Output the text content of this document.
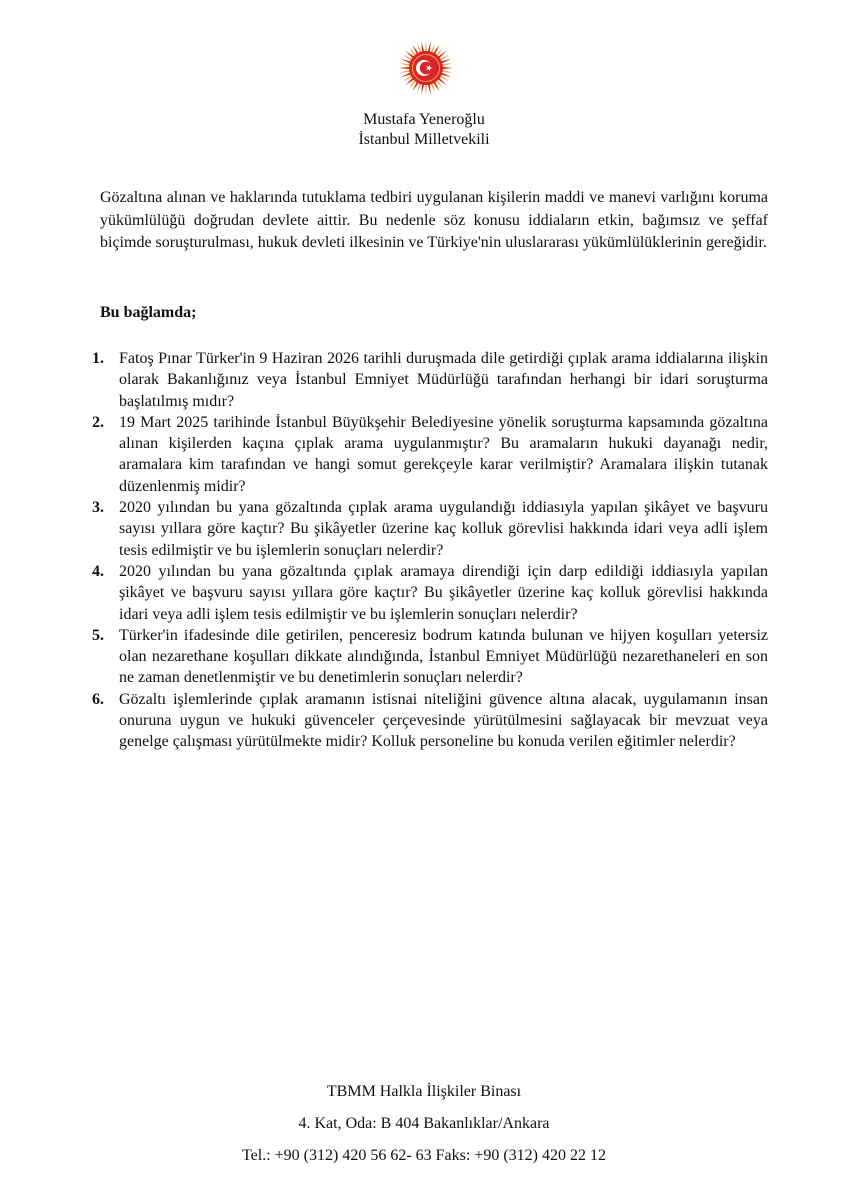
Mustafa Yeneroğlu
İstanbul Milletvekili

Gözaltına alınan ve haklarında tutuklama tedbiri uygulanan kişilerin maddi ve manevi varlığını koruma yükümlülüğü doğrudan devlete aittir. Bu nedenle söz konusu iddiaların etkin, bağımsız ve şeffaf biçimde soruşturulması, hukuk devleti ilkesinin ve Türkiye'nin uluslararası yükümlülüklerinin gereğidir.

Bu bağlamda;
1. Fatoş Pınar Türker'in 9 Haziran 2026 tarihli duruşmada dile getirdiği çıplak arama iddialarına ilişkin olarak Bakanlığınız veya İstanbul Emniyet Müdürlüğü tarafından herhangi bir idari soruşturma başlatılmış mıdır?
2. 19 Mart 2025 tarihinde İstanbul Büyükşehir Belediyesine yönelik soruşturma kapsamında gözaltına alınan kişilerden kaçına çıplak arama uygulanmıştır? Bu aramaların hukuki dayanağı nedir, aramalara kim tarafından ve hangi somut gerekçeyle karar verilmiştir? Aramalara ilişkin tutanak düzenlenmiş midir?
3. 2020 yılından bu yana gözaltında çıplak arama uygulandığı iddiasıyla yapılan şikâyet ve başvuru sayısı yıllara göre kaçtır? Bu şikâyetler üzerine kaç kolluk görevlisi hakkında idari veya adli işlem tesis edilmiştir ve bu işlemlerin sonuçları nelerdir?
4. 2020 yılından bu yana gözaltında çıplak aramaya direndiği için darp edildiği iddiasıyla yapılan şikâyet ve başvuru sayısı yıllara göre kaçtır? Bu şikâyetler üzerine kaç kolluk görevlisi hakkında idari veya adli işlem tesis edilmiştir ve bu işlemlerin sonuçları nelerdir?
5. Türker'in ifadesinde dile getirilen, penceresiz bodrum katında bulunan ve hijyen koşulları yetersiz olan nezarethane koşulları dikkate alındığında, İstanbul Emniyet Müdürlüğü nezarethaneleri en son ne zaman denetlenmiştir ve bu denetimlerin sonuçları nelerdir?
6. Gözaltı işlemlerinde çıplak aramanın istisnai niteliğini güvence altına alacak, uygulamanın insan onuruna uygun ve hukuki güvenceler çerçevesinde yürütülmesini sağlayacak bir mevzuat veya genelge çalışması yürütülmekte midir? Kolluk personeline bu konuda verilen eğitimler nelerdir?
TBMM Halkla İlişkiler Binası
4. Kat, Oda: B 404 Bakanlıklar/Ankara
Tel.: +90 (312) 420 56 62- 63 Faks: +90 (312) 420 22 12
